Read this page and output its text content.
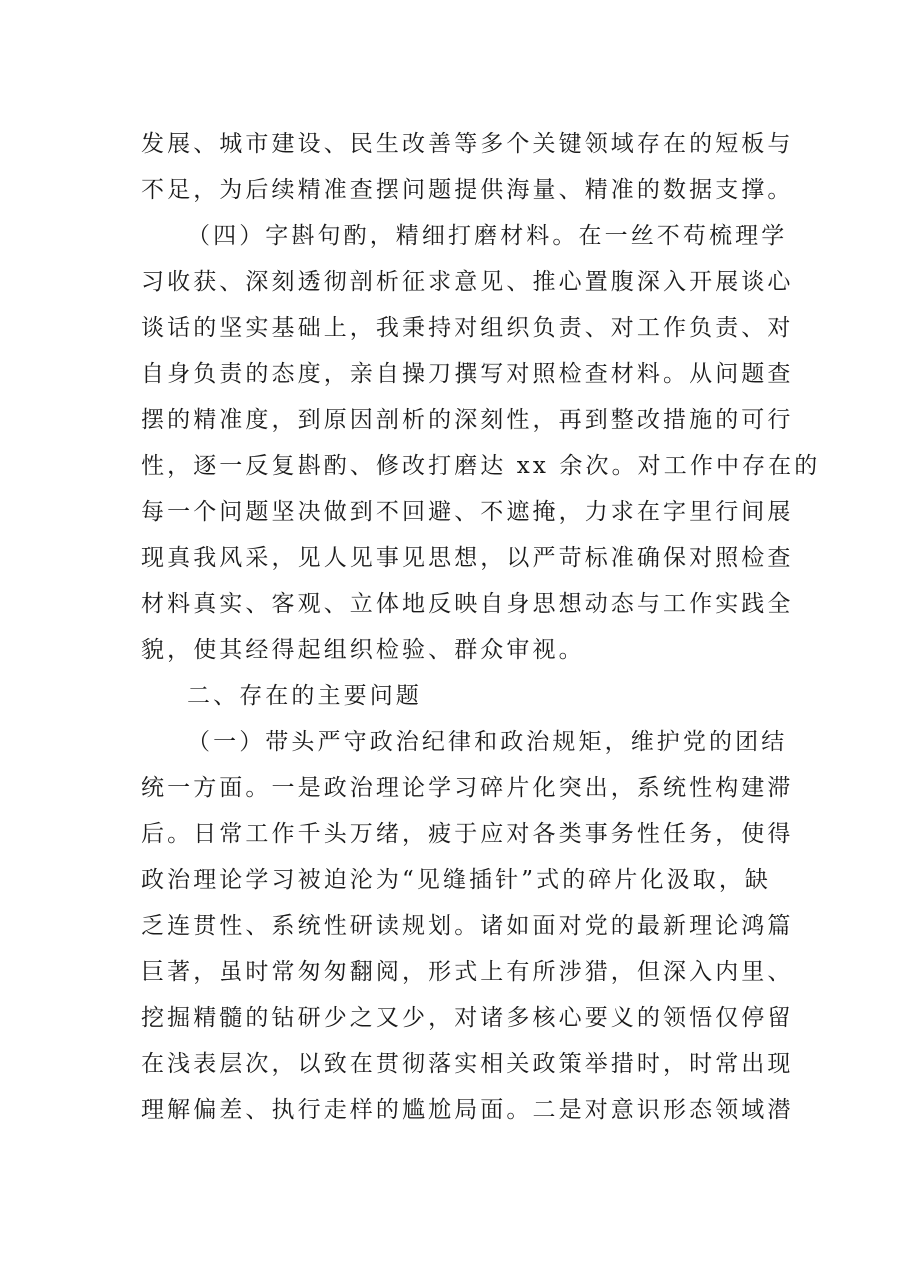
发展、城市建设、民生改善等多个关键领域存在的短板与
不足，为后续精准查摆问题提供海量、精准的数据支撑。
（四）字斟句酌，精细打磨材料。在一丝不苟梳理学
习收获、深刻透彻剖析征求意见、推心置腹深入开展谈心
谈话的坚实基础上，我秉持对组织负责、对工作负责、对
自身负责的态度，亲自操刀撰写对照检查材料。从问题查
摆的精准度，到原因剖析的深刻性，再到整改措施的可行
性，逐一反复斟酌、修改打磨达 xx 余次。对工作中存在的
每一个问题坚决做到不回避、不遮掩，力求在字里行间展
现真我风采，见人见事见思想，以严苛标准确保对照检查
材料真实、客观、立体地反映自身思想动态与工作实践全
貌，使其经得起组织检验、群众审视。
二、存在的主要问题
（一）带头严守政治纪律和政治规矩，维护党的团结
统一方面。一是政治理论学习碎片化突出，系统性构建滞
后。日常工作千头万绪，疲于应对各类事务性任务，使得
政治理论学习被迫沦为“见缝插针”式的碎片化汲取，缺
乏连贯性、系统性研读规划。诸如面对党的最新理论鸿篇
巨著，虽时常匆匆翻阅，形式上有所涉猎，但深入内里、
挖掘精髓的钻研少之又少，对诸多核心要义的领悟仅停留
在浅表层次，以致在贯彻落实相关政策举措时，时常出现
理解偏差、执行走样的尴尬局面。二是对意识形态领域潜
